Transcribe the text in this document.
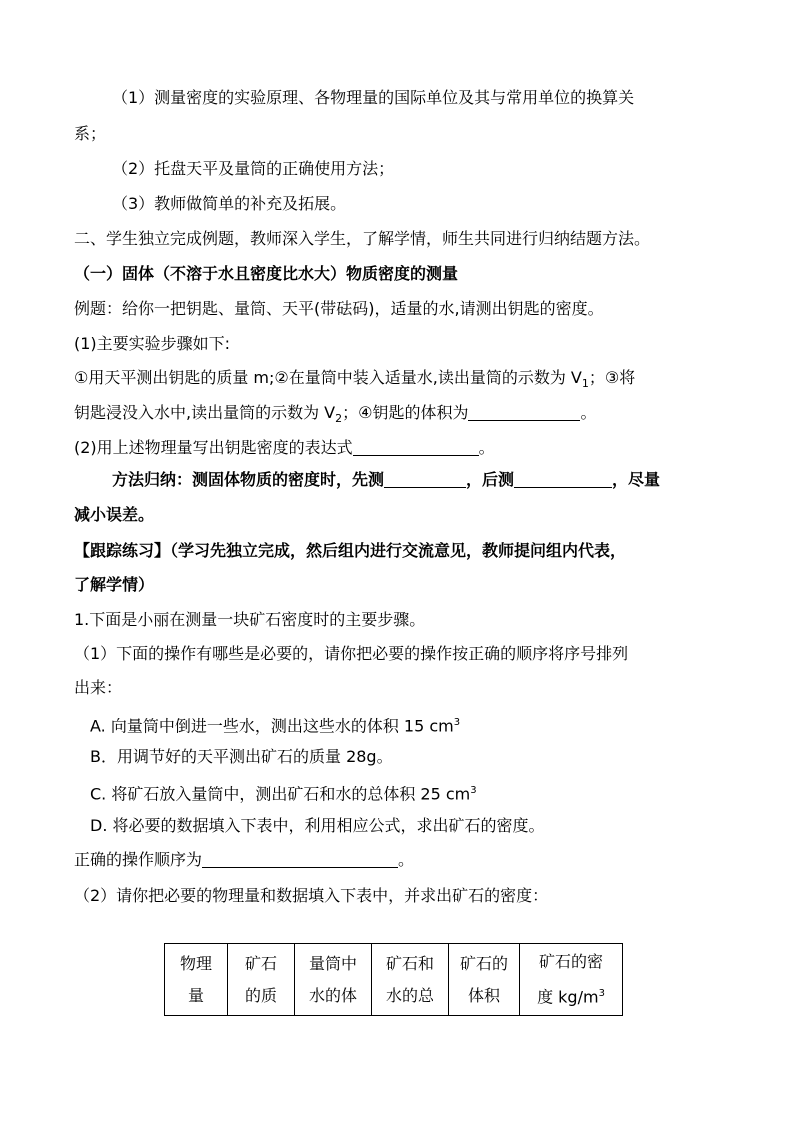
（1）测量密度的实验原理、各物理量的国际单位及其与常用单位的换算关
系；
（2）托盘天平及量筒的正确使用方法；
（3）教师做简单的补充及拓展。
二、学生独立完成例题，教师深入学生，了解学情，师生共同进行归纳结题方法。
（一）固体（不溶于水且密度比水大）物质密度的测量
例题：给你一把钥匙、量筒、天平(带砝码)，适量的水,请测出钥匙的密度。
(1)主要实验步骤如下:
①用天平测出钥匙的质量 m;②在量筒中装入适量水,读出量筒的示数为 $V_1$；③将
钥匙浸没入水中,读出量筒的示数为 $V_2$；④钥匙的体积为	。
(2)用上述物理量写出钥匙密度的表达式	。
方法归纳：测固体物质的密度时，先测	，后测	，尽量
减小误差。
【跟踪练习】（学习先独立完成，然后组内进行交流意见，教师提问组内代表，
了解学情）
1.下面是小丽在测量一块矿石密度时的主要步骤。
（1）下面的操作有哪些是必要的，请你把必要的操作按正确的顺序将序号排列
出来：
A. 向量筒中倒进一些水，测出这些水的体积 15 $cm^3$
B．用调节好的天平测出矿石的质量 28g。
C. 将矿石放入量筒中，测出矿石和水的总体积 25 $cm^3$
D. 将必要的数据填入下表中，利用相应公式，求出矿石的密度。
正确的操作顺序为	。
（2）请你把必要的物理量和数据填入下表中，并求出矿石的密度：
物理
量	矿石
的质	量筒中
水的体	矿石和
水的总	矿石的
体积	矿石的密
度 $kg/m^3$
